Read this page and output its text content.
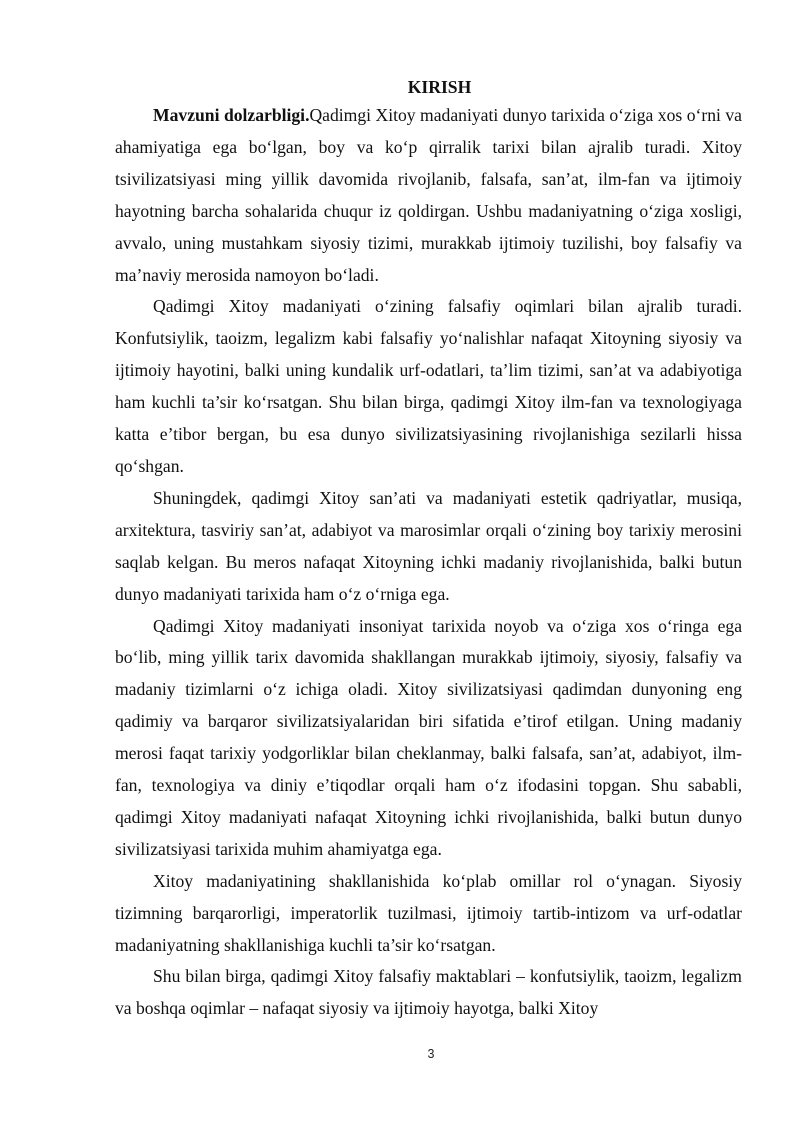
KIRISH

Mavzuni dolzarbligi.Qadimgi Xitoy madaniyati dunyo tarixida o‘ziga xos o‘rni va ahamiyatiga ega bo‘lgan, boy va ko‘p qirralik tarixi bilan ajralib turadi. Xitoy tsivilizatsiyasi ming yillik davomida rivojlanib, falsafa, san’at, ilm-fan va ijtimoiy hayotning barcha sohalarida chuqur iz qoldirgan. Ushbu madaniyatning o‘ziga xosligi, avvalo, uning mustahkam siyosiy tizimi, murakkab ijtimoiy tuzilishi, boy falsafiy va ma’naviy merosida namoyon bo‘ladi.

Qadimgi Xitoy madaniyati o‘zining falsafiy oqimlari bilan ajralib turadi. Konfutsiylik, taoizm, legalizm kabi falsafiy yo‘nalishlar nafaqat Xitoyning siyosiy va ijtimoiy hayotini, balki uning kundalik urf-odatlari, ta’lim tizimi, san’at va adabiyotiga ham kuchli ta’sir ko‘rsatgan. Shu bilan birga, qadimgi Xitoy ilm-fan va texnologiyaga katta e’tibor bergan, bu esa dunyo sivilizatsiyasining rivojlanishiga sezilarli hissa qo‘shgan.

Shuningdek, qadimgi Xitoy san’ati va madaniyati estetik qadriyatlar, musiqa, arxitektura, tasviriy san’at, adabiyot va marosimlar orqali o‘zining boy tarixiy merosini saqlab kelgan. Bu meros nafaqat Xitoyning ichki madaniy rivojlanishida, balki butun dunyo madaniyati tarixida ham o‘z o‘rniga ega.

Qadimgi Xitoy madaniyati insoniyat tarixida noyob va o‘ziga xos o‘ringa ega bo‘lib, ming yillik tarix davomida shakllangan murakkab ijtimoiy, siyosiy, falsafiy va madaniy tizimlarni o‘z ichiga oladi. Xitoy sivilizatsiyasi qadimdan dunyoning eng qadimiy va barqaror sivilizatsiyalaridan biri sifatida e’tirof etilgan. Uning madaniy merosi faqat tarixiy yodgorliklar bilan cheklanmay, balki falsafa, san’at, adabiyot, ilm-fan, texnologiya va diniy e’tiqodlar orqali ham o‘z ifodasini topgan. Shu sababli, qadimgi Xitoy madaniyati nafaqat Xitoyning ichki rivojlanishida, balki butun dunyo sivilizatsiyasi tarixida muhim ahamiyatga ega.

Xitoy madaniyatining shakllanishida ko‘plab omillar rol o‘ynagan. Siyosiy tizimning barqarorligi, imperatorlik tuzilmasi, ijtimoiy tartib-intizom va urf-odatlar madaniyatning shakllanishiga kuchli ta’sir ko‘rsatgan.

Shu bilan birga, qadimgi Xitoy falsafiy maktablari – konfutsiylik, taoizm, legalizm va boshqa oqimlar – nafaqat siyosiy va ijtimoiy hayotga, balki Xitoy

3
